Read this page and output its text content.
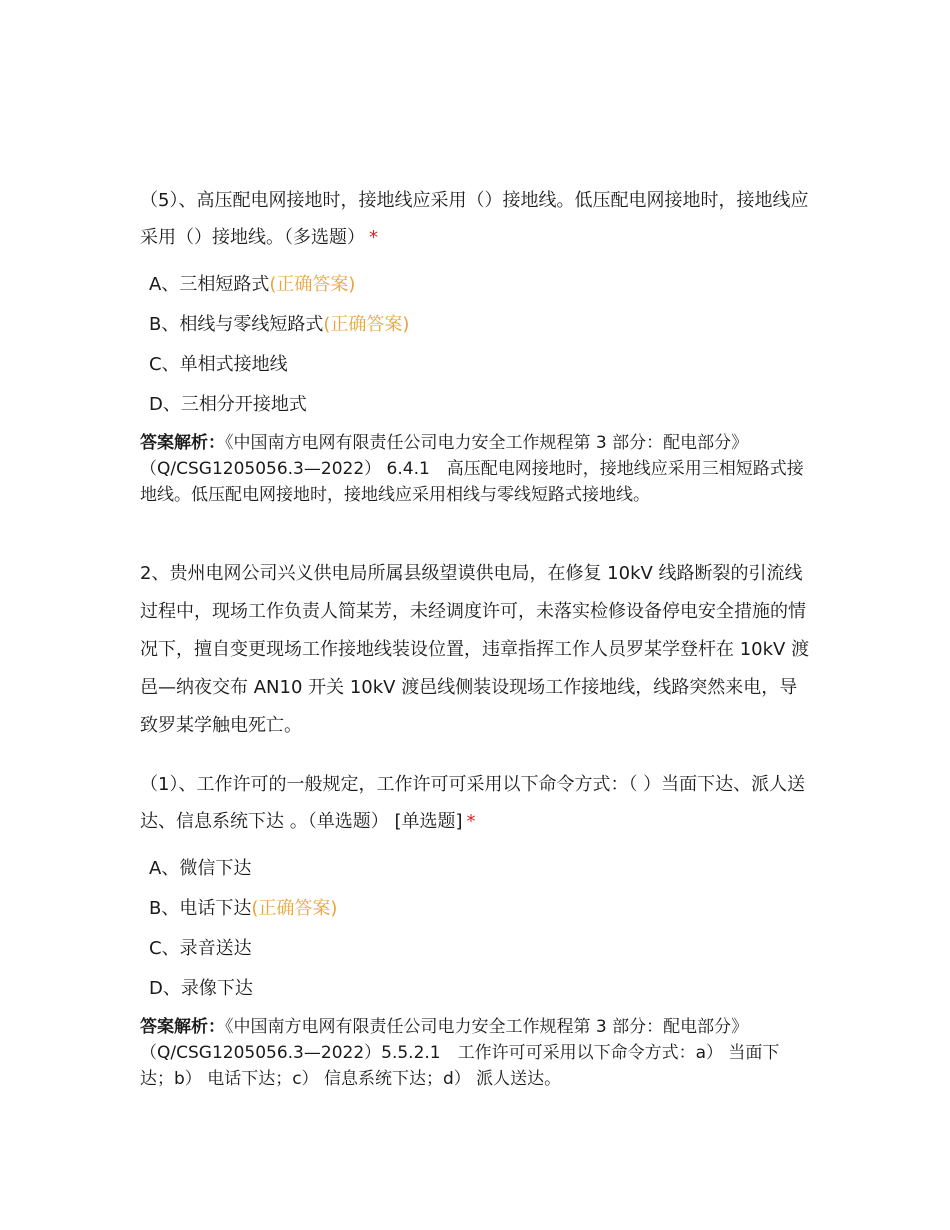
（5）、高压配电网接地时，接地线应采用（）接地线。低压配电网接地时，接地线应采用（）接地线。（多选题） *

A、三相短路式(正确答案)
B、相线与零线短路式(正确答案)
C、单相式接地线
D、三相分开接地式
答案解析：《中国南方电网有限责任公司电力安全工作规程第 3 部分：配电部分》（Q/CSG1205056.3—2022） 6.4.1　高压配电网接地时，接地线应采用三相短路式接地线。低压配电网接地时，接地线应采用相线与零线短路式接地线。

2、贵州电网公司兴义供电局所属县级望谟供电局，在修复 10kV 线路断裂的引流线过程中，现场工作负责人简某芳，未经调度许可，未落实检修设备停电安全措施的情况下，擅自变更现场工作接地线装设位置，违章指挥工作人员罗某学登杆在 10kV 渡邑—纳夜交布 AN10 开关 10kV 渡邑线侧装设现场工作接地线，线路突然来电，导致罗某学触电死亡。

（1）、工作许可的一般规定，工作许可可采用以下命令方式：（ ）当面下达、派人送达、信息系统下达 。（单选题） [单选题] *

A、微信下达
B、电话下达(正确答案)
C、录音送达
D、录像下达
答案解析：《中国南方电网有限责任公司电力安全工作规程第 3 部分：配电部分》（Q/CSG1205056.3—2022）5.5.2.1　工作许可可采用以下命令方式：a） 当面下达；b） 电话下达；c） 信息系统下达；d） 派人送达。
